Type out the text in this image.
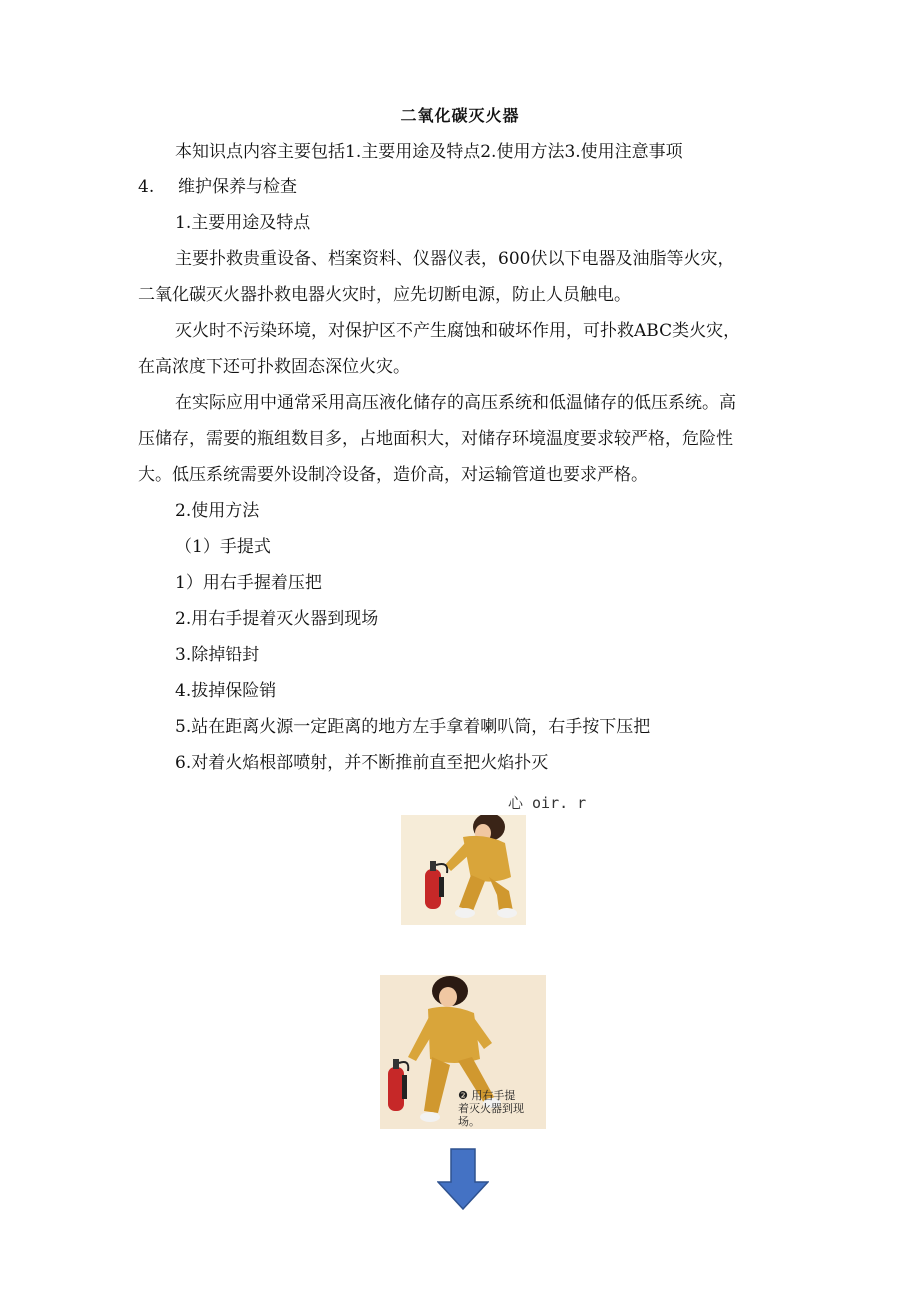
二氧化碳灭火器
本知识点内容主要包括1.主要用途及特点2.使用方法3.使用注意事项
4. 维护保养与检查
1.主要用途及特点
主要扑救贵重设备、档案资料、仪器仪表，600伏以下电器及油脂等火灾，
二氧化碳灭火器扑救电器火灾时，应先切断电源，防止人员触电。
灭火时不污染环境，对保护区不产生腐蚀和破坏作用，可扑救ABC类火灾，
在高浓度下还可扑救固态深位火灾。
在实际应用中通常采用高压液化储存的高压系统和低温储存的低压系统。高
压储存，需要的瓶组数目多，占地面积大，对储存环境温度要求较严格，危险性
大。低压系统需要外设制冷设备，造价高，对运输管道也要求严格。
2.使用方法
（1）手提式
1）用右手握着压把
2.用右手提着灭火器到现场
3.除掉铅封
4.拔掉保险销
5.站在距离火源一定距离的地方左手拿着喇叭筒，右手按下压把
6.对着火焰根部喷射，并不断推前直至把火焰扑灭
心 oir. r
❷ 用右手提
着灭火器到现
场。
